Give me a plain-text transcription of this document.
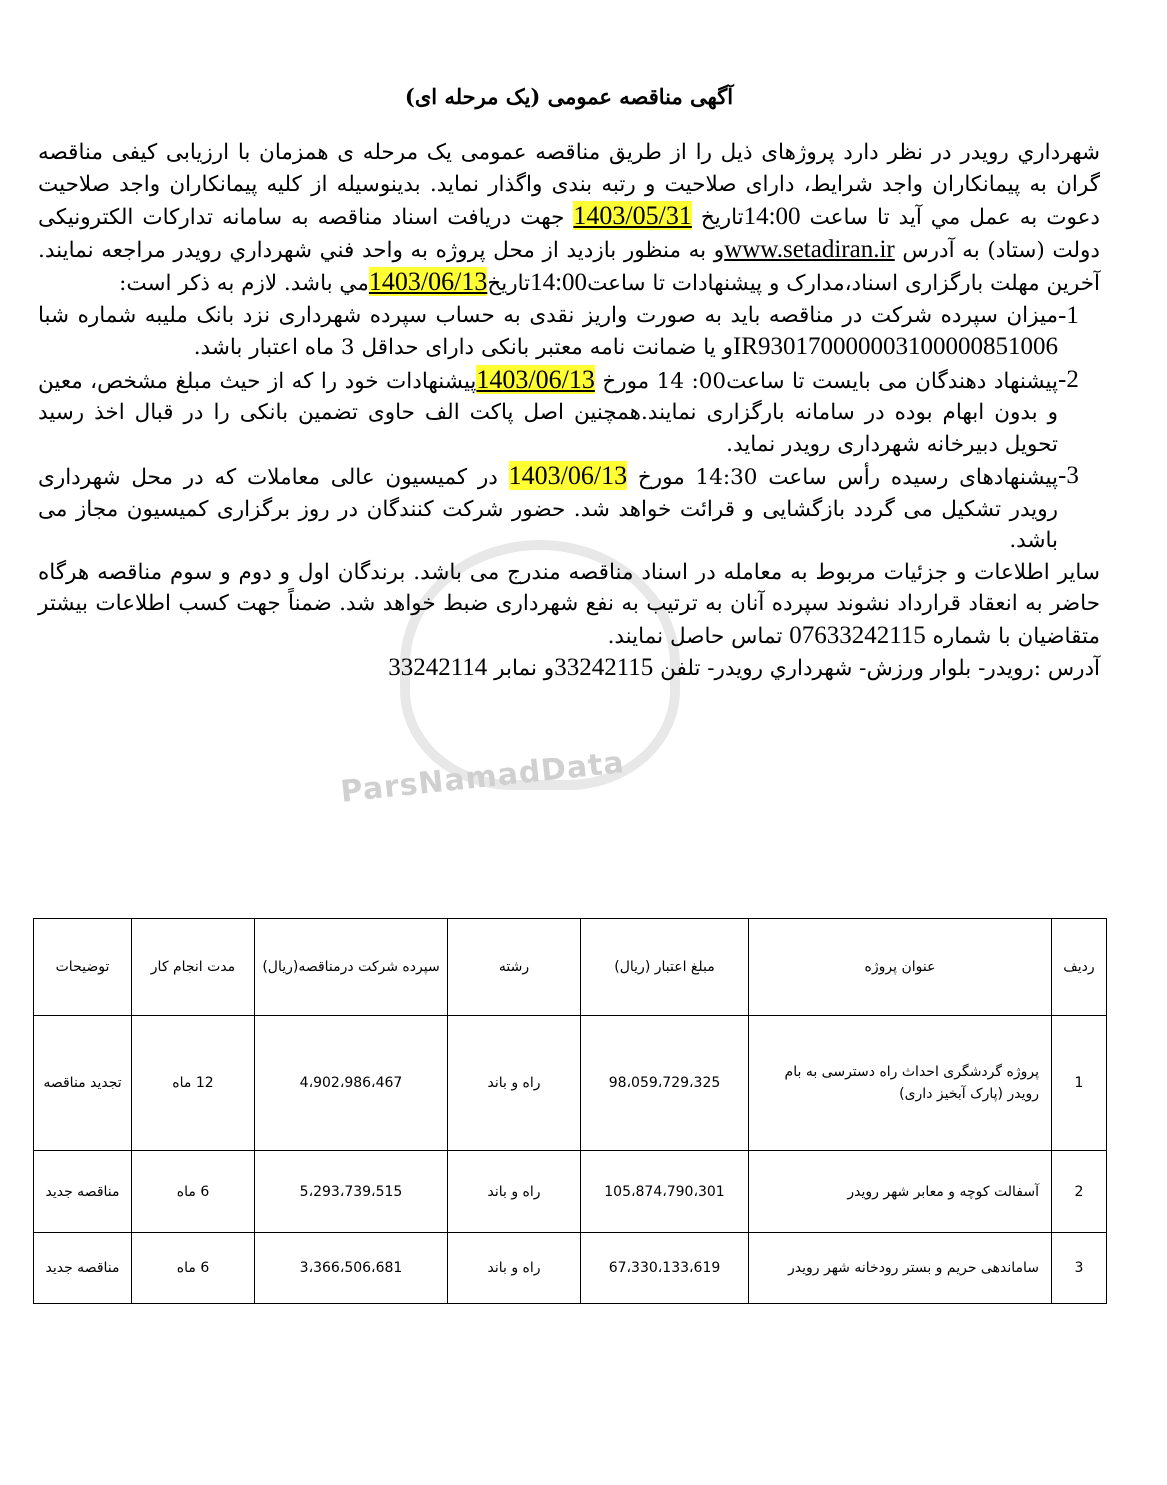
ParsNamadData
آگهی مناقصه عمومی (یک مرحله ای)

شهرداري رويدر در نظر دارد پروژهای ذیل را از طریق مناقصه عمومی یک مرحله ی همزمان با ارزیابی کیفی مناقصه گران به پیمانکاران واجد شرایط، دارای صلاحیت و رتبه بندی واگذار نماید. بدینوسیله از کلیه پیمانکاران واجد صلاحيت دعوت به عمل مي آيد تا ساعت 14:00تاریخ 1403/05/31 جهت دریافت اسناد مناقصه به سامانه تدارکات الکترونیکی دولت (ستاد) به آدرس www.setadiran.irو به منظور بازدید از محل پروژه به واحد فني شهرداري رويدر مراجعه نمایند. آخرين مهلت بارگزاری اسناد،مدارک و پيشنهادات تا ساعت14:00تاريخ1403/06/13مي باشد. لازم به ذکر است:

-1
میزان سپرده شرکت در مناقصه باید به صورت واریز نقدی به حساب سپرده شهرداری نزد بانک ملیبه شماره شبا IR930170000003100000851006و یا ضمانت نامه معتبر بانکی دارای حداقل 3 ماه اعتبار باشد.
-2
پیشنهاد دهندگان می بایست تا ساعت00: 14 مورخ 1403/06/13پیشنهادات خود را که از حیث مبلغ مشخص، معین و بدون ابهام بوده در سامانه بارگزاری نمایند.همچنین اصل پاکت الف حاوی تضمین بانکی را در قبال اخذ رسید تحویل دبیرخانه شهرداری رویدر نماید.
-3
پیشنهادهای رسیده رأس ساعت 14:30 مورخ 1403/06/13 در کمیسیون عالی معاملات که در محل شهرداری رویدر تشکیل می گردد بازگشایی و قرائت خواهد شد. حضور شرکت کنندگان در روز برگزاری کمیسیون مجاز می باشد.

سایر اطلاعات و جزئیات مربوط به معامله در اسناد مناقصه مندرج می باشد. برندگان اول و دوم و سوم مناقصه هرگاه حاضر به انعقاد قرارداد نشوند سپرده آنان به ترتیب به نفع شهرداری ضبط خواهد شد. ضمناً جهت کسب اطلاعات بیشتر متقاضیان با شماره 07633242115 تماس حاصل نمایند.
آدرس :رويدر- بلوار ورزش- شهرداري رويدر- تلفن 33242115و نمابر 33242114

ردیف	عنوان پروژه	مبلغ اعتبار (ریال)	رشته	سپرده شرکت درمناقصه(ریال)	مدت انجام کار	توضیحات
1	پروژه گردشگری احداث راه دسترسی به بام رویدر (پارک آبخیز داری)	98،059،729،325	راه و باند	4،902،986،467	12 ماه	تجدید مناقصه
2	آسفالت کوچه و معابر شهر رویدر	105،874،790،301	راه و باند	5،293،739،515	6 ماه	مناقصه جدید
3	ساماندهی حریم و بستر رودخانه شهر رویدر	67،330،133،619	راه و باند	3،366،506،681	6 ماه	مناقصه جدید
